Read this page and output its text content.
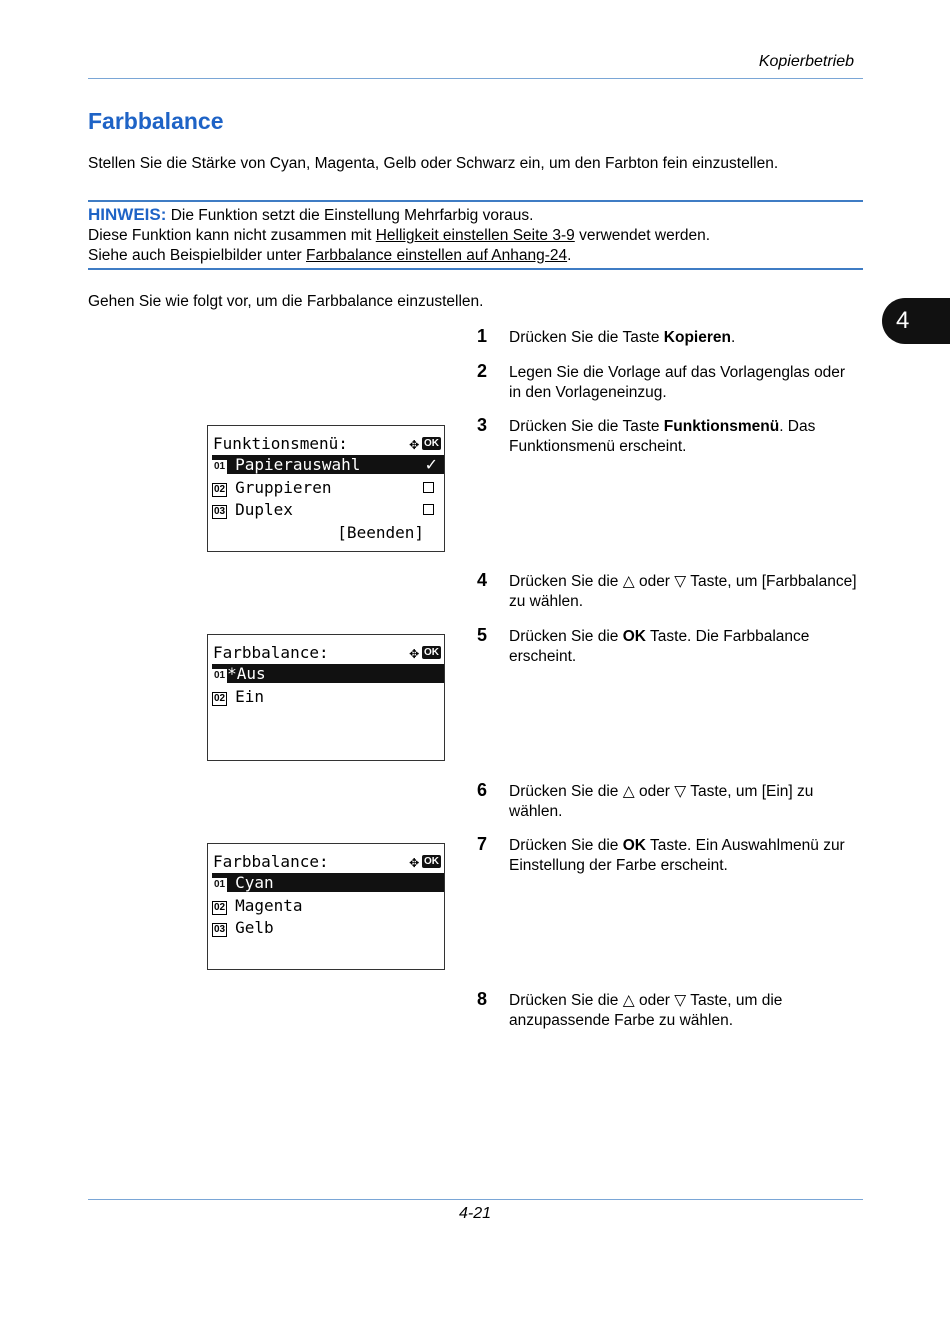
Kopierbetrieb
Farbbalance
Stellen Sie die Stärke von Cyan, Magenta, Gelb oder Schwarz ein, um den Farbton fein einzustellen.
HINWEIS: Die Funktion setzt die Einstellung Mehrfarbig voraus.
Diese Funktion kann nicht zusammen mit Helligkeit einstellen Seite 3-9 verwendet werden.
Siehe auch Beispielbilder unter Farbbalance einstellen auf Anhang-24.
Gehen Sie wie folgt vor, um die Farbbalance einzustellen.
4
1 Drücken Sie die Taste Kopieren.
2 Legen Sie die Vorlage auf das Vorlagenglas oder in den Vorlageneinzug.
3 Drücken Sie die Taste Funktionsmenü. Das Funktionsmenü erscheint.
4 Drücken Sie die △ oder ▽ Taste, um [Farbbalance] zu wählen.
5 Drücken Sie die OK Taste. Die Farbbalance erscheint.
6 Drücken Sie die △ oder ▽ Taste, um [Ein] zu wählen.
7 Drücken Sie die OK Taste. Ein Auswahlmenü zur Einstellung der Farbe erscheint.
8 Drücken Sie die △ oder ▽ Taste, um die anzupassende Farbe zu wählen.
Funktionsmenü:	✥ OK
01 Papierauswahl	✓
02 Gruppieren
03 Duplex
[Beenden]
Farbbalance:	✥ OK
01 *Aus
02 Ein
Farbbalance:	✥ OK
01 Cyan
02 Magenta
03 Gelb
4-21
